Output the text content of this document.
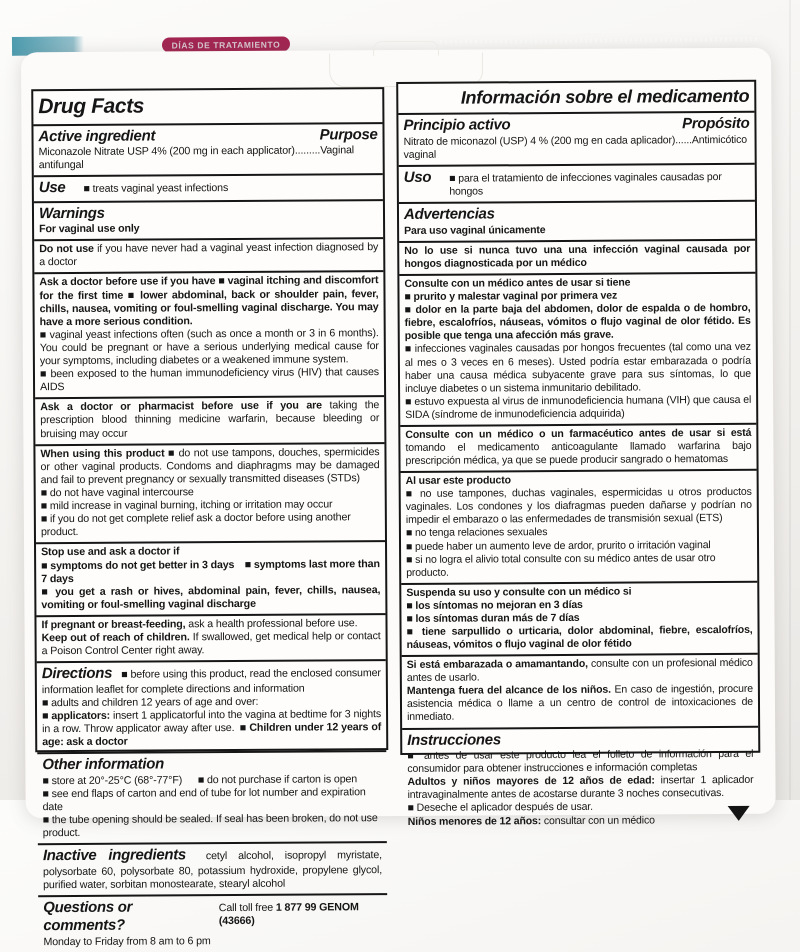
DÍAS DE TRATAMIENTO
Drug Facts
Active ingredient	Purpose

Miconazole Nitrate USP 4% (200 mg in each applicator).........Vaginal antifungal

Use ■ treats vaginal yeast infections
Warnings

For vaginal use only

Do not use if you have never had a vaginal yeast infection diagnosed by a doctor

Ask a doctor before use if you have ■ vaginal itching and discomfort for the first time ■ lower abdominal, back or shoulder pain, fever, chills, nausea, vomiting or foul-smelling vaginal discharge. You may have a more serious condition.

■ vaginal yeast infections often (such as once a month or 3 in 6 months). You could be pregnant or have a serious underlying medical cause for your symptoms, including diabetes or a weakened immune system.

■ been exposed to the human immunodeficiency virus (HIV) that causes AIDS

Ask a doctor or pharmacist before use if you are taking the prescription blood thinning medicine warfarin, because bleeding or bruising may occur

When using this product ■ do not use tampons, douches, spermicides or other vaginal products. Condoms and diaphragms may be damaged and fail to prevent pregnancy or sexually transmitted diseases (STDs)

■ do not have vaginal intercourse

■ mild increase in vaginal burning, itching or irritation may occur

■ if you do not get complete relief ask a doctor before using another product.

Stop use and ask a doctor if

■ symptoms do not get better in 3 days  ■ symptoms last more than 7 days

■ you get a rash or hives, abdominal pain, fever, chills, nausea, vomiting or foul-smelling vaginal discharge

If pregnant or breast-feeding, ask a health professional before use.

Keep out of reach of children. If swallowed, get medical help or contact a Poison Control Center right away.

Directions ■ before using this product, read the enclosed consumer information leaflet for complete directions and information

■ adults and children 12 years of age and over:

■ applicators: insert 1 applicatorful into the vagina at bedtime for 3 nights in a row. Throw applicator away after use. ■ Children under 12 years of age: ask a doctor

Other information

■ store at 20°-25°C (68°-77°F)  ■ do not purchase if carton is open

■ see end flaps of carton and end of tube for lot number and expiration date

■ the tube opening should be sealed. If seal has been broken, do not use product.

Inactive ingredients cetyl alcohol, isopropyl myristate, polysorbate 60, polysorbate 80, potassium hydroxide, propylene glycol, purified water, sorbitan monostearate, stearyl alcohol

Questions or comments?
Call toll free 1 877 99 GENOM (43666)

Monday to Friday from 8 am to 6 pm

Información sobre el medicamento
Principio activo	Propósito

Nitrato de miconazol (USP) 4 % (200 mg en cada aplicador)......Antimicótico vaginal

Uso ■ para el tratamiento de infecciones vaginales causadas por hongos
Advertencias

Para uso vaginal únicamente

No lo use si nunca tuvo una una infección vaginal causada por hongos diagnosticada por un médico

Consulte con un médico antes de usar si tiene

■ prurito y malestar vaginal por primera vez

■ dolor en la parte baja del abdomen, dolor de espalda o de hombro, fiebre, escalofríos, náuseas, vómitos o flujo vaginal de olor fétido. Es posible que tenga una afección más grave.

■ infecciones vaginales causadas por hongos frecuentes (tal como una vez al mes o 3 veces en 6 meses). Usted podría estar embarazada o podría haber una causa médica subyacente grave para sus síntomas, lo que incluye diabetes o un sistema inmunitario debilitado.

■ estuvo expuesta al virus de inmunodeficiencia humana (VIH) que causa el SIDA (síndrome de inmunodeficiencia adquirida)

Consulte con un médico o un farmacéutico antes de usar si está tomando el medicamento anticoagulante llamado warfarina bajo prescripción médica, ya que se puede producir sangrado o hematomas

Al usar este producto

■ no use tampones, duchas vaginales, espermicidas u otros productos vaginales. Los condones y los diafragmas pueden dañarse y podrían no impedir el embarazo o las enfermedades de transmisión sexual (ETS)

■ no tenga relaciones sexuales

■ puede haber un aumento leve de ardor, prurito o irritación vaginal

■ si no logra el alivio total consulte con su médico antes de usar otro producto.

Suspenda su uso y consulte con un médico si

■ los síntomas no mejoran en 3 días

■ los síntomas duran más de 7 días

■ tiene sarpullido o urticaria, dolor abdominal, fiebre, escalofríos, náuseas, vómitos o flujo vaginal de olor fétido

Si está embarazada o amamantando, consulte con un profesional médico antes de usarlo.

Mantenga fuera del alcance de los niños. En caso de ingestión, procure asistencia médica o llame a un centro de control de intoxicaciones de inmediato.

Instrucciones

■ antes de usar este producto lea el folleto de información para el consumidor para obtener instrucciones e información completas

Adultos y niños mayores de 12 años de edad: insertar 1 aplicador intravaginalmente antes de acostarse durante 3 noches consecutivas.

■ Deseche el aplicador después de usar.

Niños menores de 12 años: consultar con un médico
